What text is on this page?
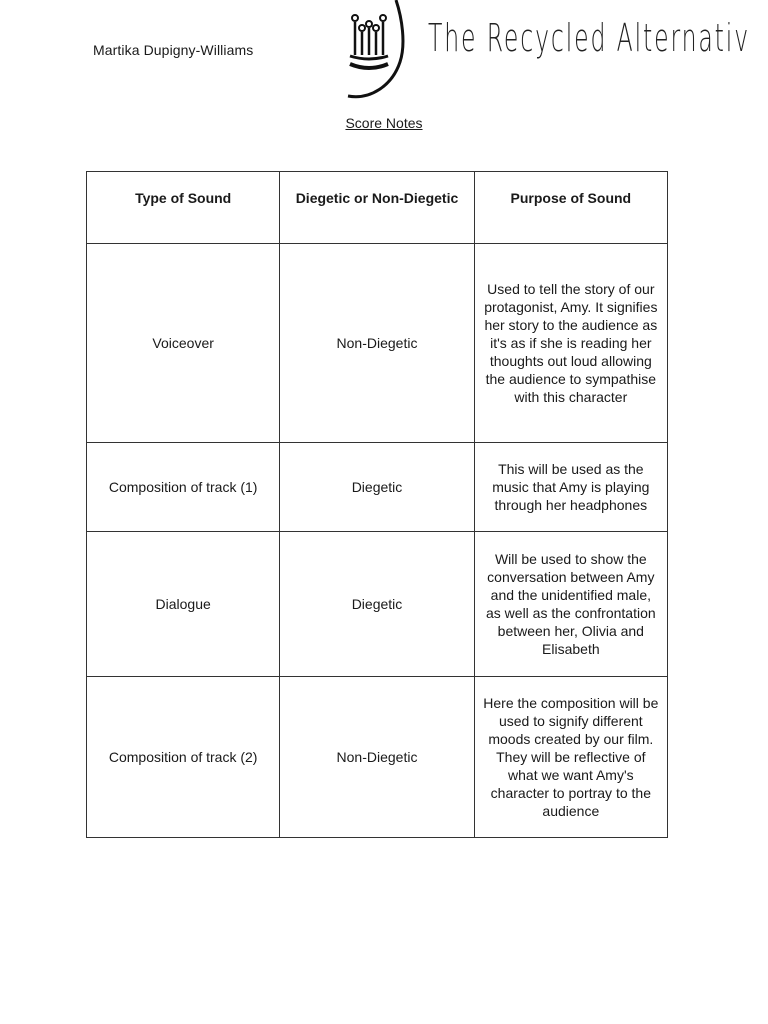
Martika Dupigny-Williams	The Recycled Alternativ
Score Notes
Type of Sound	Diegetic or Non-Diegetic	Purpose of Sound
Voiceover	Non-Diegetic	Used to tell the story of our protagonist, Amy. It signifies her story to the audience as it's as if she is reading her thoughts out loud allowing the audience to sympathise with this character
Composition of track (1)	Diegetic	This will be used as the music that Amy is playing through her headphones
Dialogue	Diegetic	Will be used to show the conversation between Amy and the unidentified male, as well as the confrontation between her, Olivia and Elisabeth
Composition of track (2)	Non-Diegetic	Here the composition will be used to signify different moods created by our film. They will be reflective of what we want Amy's character to portray to the audience
